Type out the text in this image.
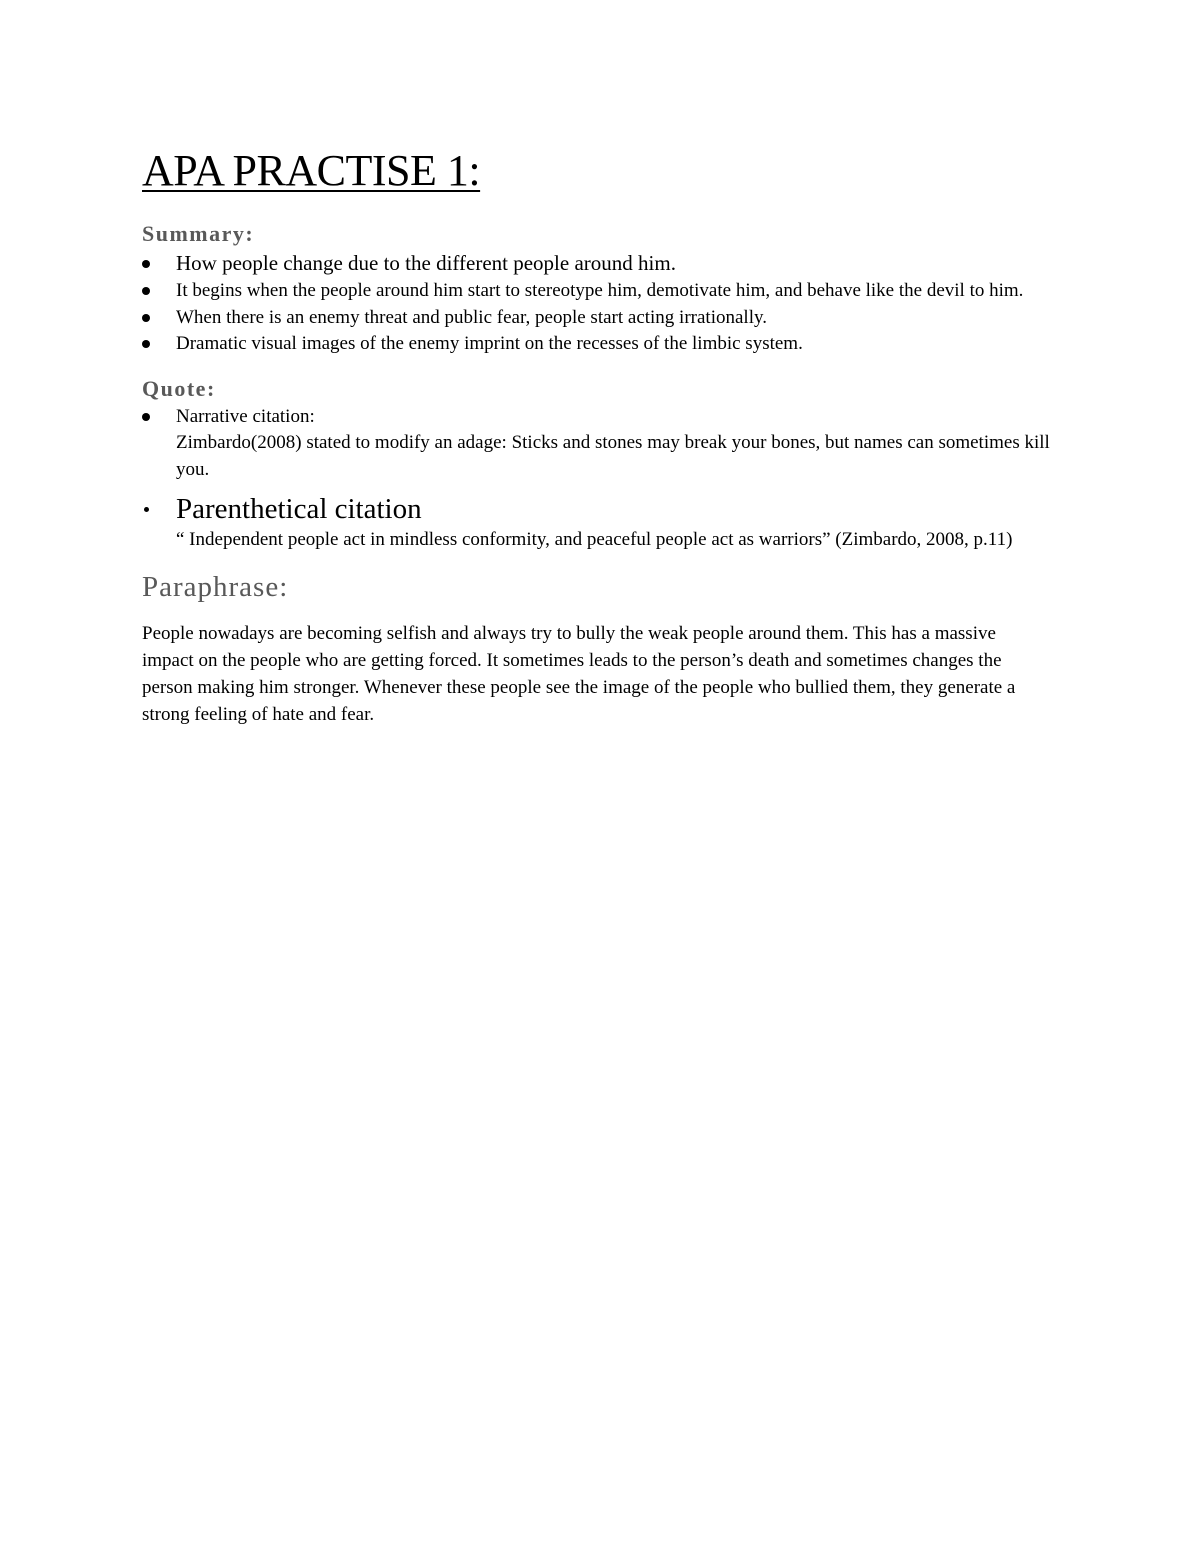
APA PRACTISE 1:
Summary:
How people change due to the different people around him.
It begins when the people around him start to stereotype him, demotivate him, and behave like the devil to him.
When there is an enemy threat and public fear, people start acting irrationally.
Dramatic visual images of the enemy imprint on the recesses of the limbic system.
Quote:
Narrative citation:
Zimbardo(2008) stated to modify an adage: Sticks and stones may break your bones, but names can sometimes kill you.
Parenthetical citation
“ Independent people act in mindless conformity, and peaceful people act as warriors” (Zimbardo, 2008, p.11)
Paraphrase:

People nowadays are becoming selfish and always try to bully the weak people around them. This has a massive impact on the people who are getting forced. It sometimes leads to the person’s death and sometimes changes the person making him stronger. Whenever these people see the image of the people who bullied them, they generate a strong feeling of hate and fear.
